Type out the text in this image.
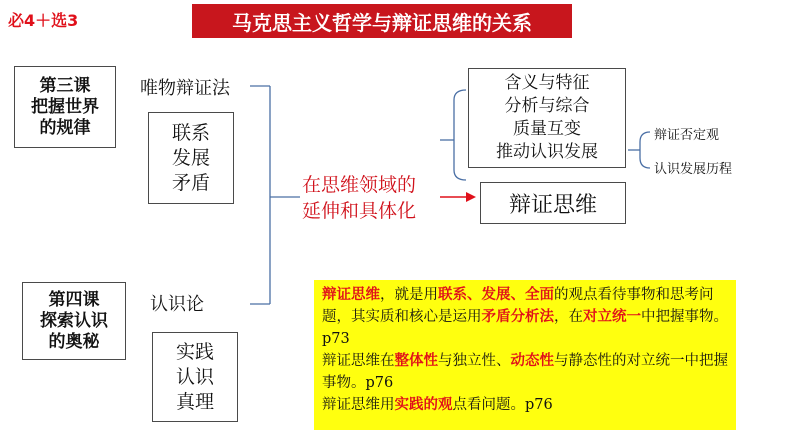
必4＋选3	马克思主义哲学与辩证思维的关系
第三课
把握世界
的规律
唯物辩证法
联系
发展
矛盾
第四课
探索认识
的奥秘
认识论
实践
认识
真理
在思维领域的
延伸和具体化
含义与特征
分析与综合
质量互变
推动认识发展
辩证否定观
认识发展历程
辩证思维

辩证思维，就是用联系、发展、全面的观点看待事物和思考问题，其实质和核心是运用矛盾分析法，在对立统一中把握事物。p73

辩证思维在整体性与独立性、动态性与静态性的对立统一中把握事物。p76

辩证思维用实践的观点看问题。p76
